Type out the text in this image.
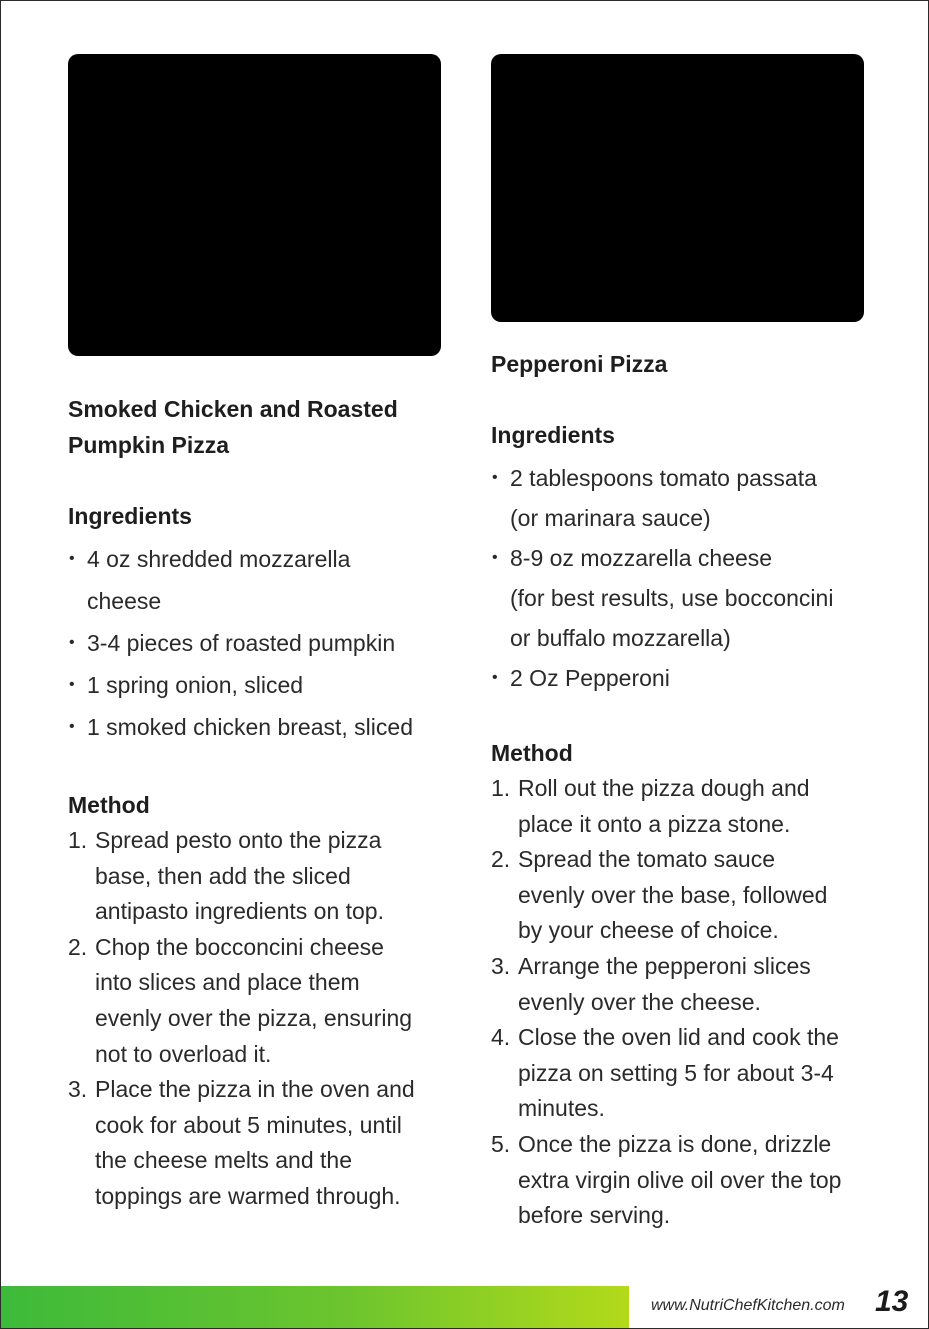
Smoked Chicken and Roasted
Pumpkin Pizza
Ingredients
• 4 oz shredded mozzarella
cheese
• 3-4 pieces of roasted pumpkin
• 1 spring onion, sliced
• 1 smoked chicken breast, sliced
Method
1. Spread pesto onto the pizza
base, then add the sliced
antipasto ingredients on top.
2. Chop the bocconcini cheese
into slices and place them
evenly over the pizza, ensuring
not to overload it.
3. Place the pizza in the oven and
cook for about 5 minutes, until
the cheese melts and the
toppings are warmed through.
Pepperoni Pizza
Ingredients
• 2 tablespoons tomato passata
(or marinara sauce)
• 8-9 oz mozzarella cheese
(for best results, use bocconcini
or buffalo mozzarella)
• 2 Oz Pepperoni
Method
1. Roll out the pizza dough and
place it onto a pizza stone.
2. Spread the tomato sauce
evenly over the base, followed
by your cheese of choice.
3. Arrange the pepperoni slices
evenly over the cheese.
4. Close the oven lid and cook the
pizza on setting 5 for about 3-4
minutes.
5. Once the pizza is done, drizzle
extra virgin olive oil over the top
before serving.
www.NutriChefKitchen.com 13
